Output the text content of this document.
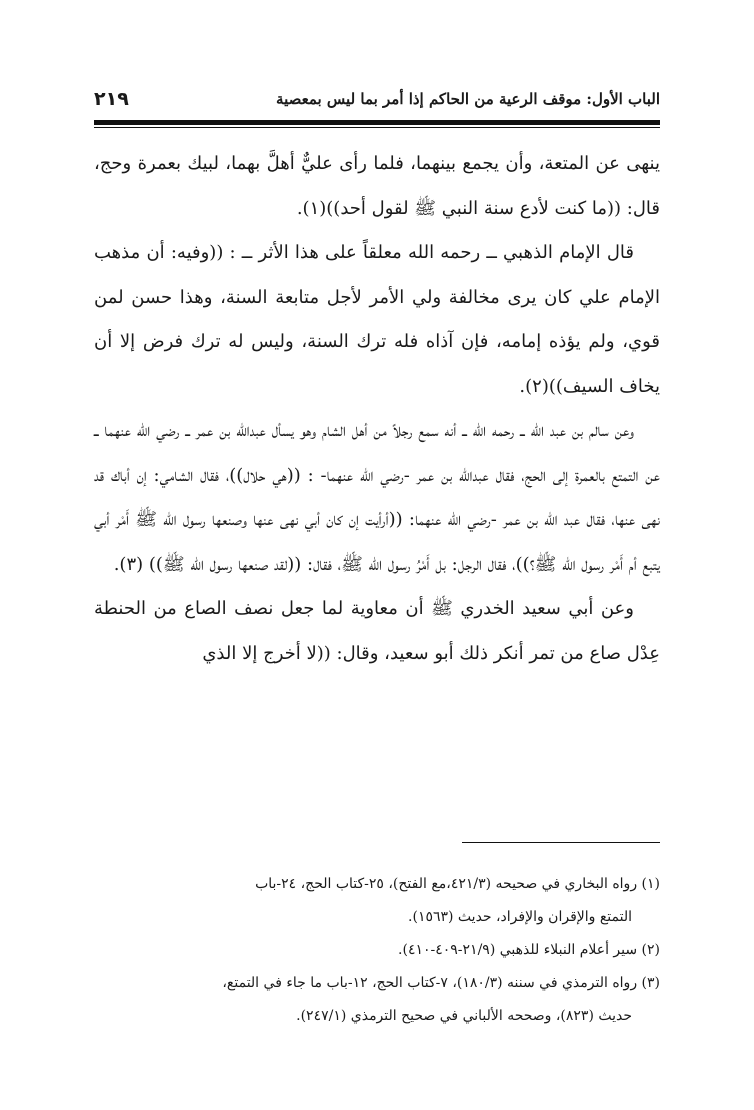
الباب الأول: موقف الرعية من الحاكم إذا أمر بما ليس بمعصية
٢١٩

ينهى عن المتعة، وأن يجمع بينهما، فلما رأى عليٌّ أهلَّ بهما، لبيك بعمرة وحج، قال: ((ما كنت لأدع سنة النبي ﷺ لقول أحد))(١).

قال الإمام الذهبي ــ رحمه الله معلقاً على هذا الأثر ــ : ((وفيه: أن مذهب الإمام علي كان يرى مخالفة ولي الأمر لأجل متابعة السنة، وهذا حسن لمن قوي، ولم يؤذه إمامه، فإن آذاه فله ترك السنة، وليس له ترك فرض إلا أن يخاف السيف))(٢).

وعن سالم بن عبد الله ــ رحمه الله ــ أنه سمع رجلاً من أهل الشام وهو يسأل عبدالله بن عمر ــ رضي الله عنهما ــ عن التمتع بالعمرة إلى الحج، فقال عبدالله بن عمر -رضي الله عنهما- : ((هي حلال))، فقال الشامي: إن أباك قد نهى عنها، فقال عبد الله بن عمر -رضي الله عنهما: ((أرأيت إن كان أبي نهى عنها وصنعها رسول الله ﷺ أَمْر أبي يتبع أم أَمْر رسول الله ﷺ؟))، فقال الرجل: بل أَمْرُ رسول الله ﷺ، فقال: ((لقد صنعها رسول الله ﷺ)) (٣).

وعن أبي سعيد الخدري ﷺ أن معاوية لما جعل نصف الصاع من الحنطة عِدْل صاع من تمر أنكر ذلك أبو سعيد، وقال: ((لا أخرج إلا الذي

(١) رواه البخاري في صحيحه (٤٢١/٣،مع الفتح)، ٢٥-كتاب الحج، ٢٤-باب

التمتع والإقران والإفراد، حديث (١٥٦٣).

(٢) سير أعلام النبلاء للذهبي (٢١/٩-٤٠٩-٤١٠).

(٣) رواه الترمذي في سننه (١٨٠/٣)، ٧-كتاب الحج، ١٢-باب ما جاء في التمتع،

حديث (٨٢٣)، وصححه الألباني في صحيح الترمذي (٢٤٧/١).
